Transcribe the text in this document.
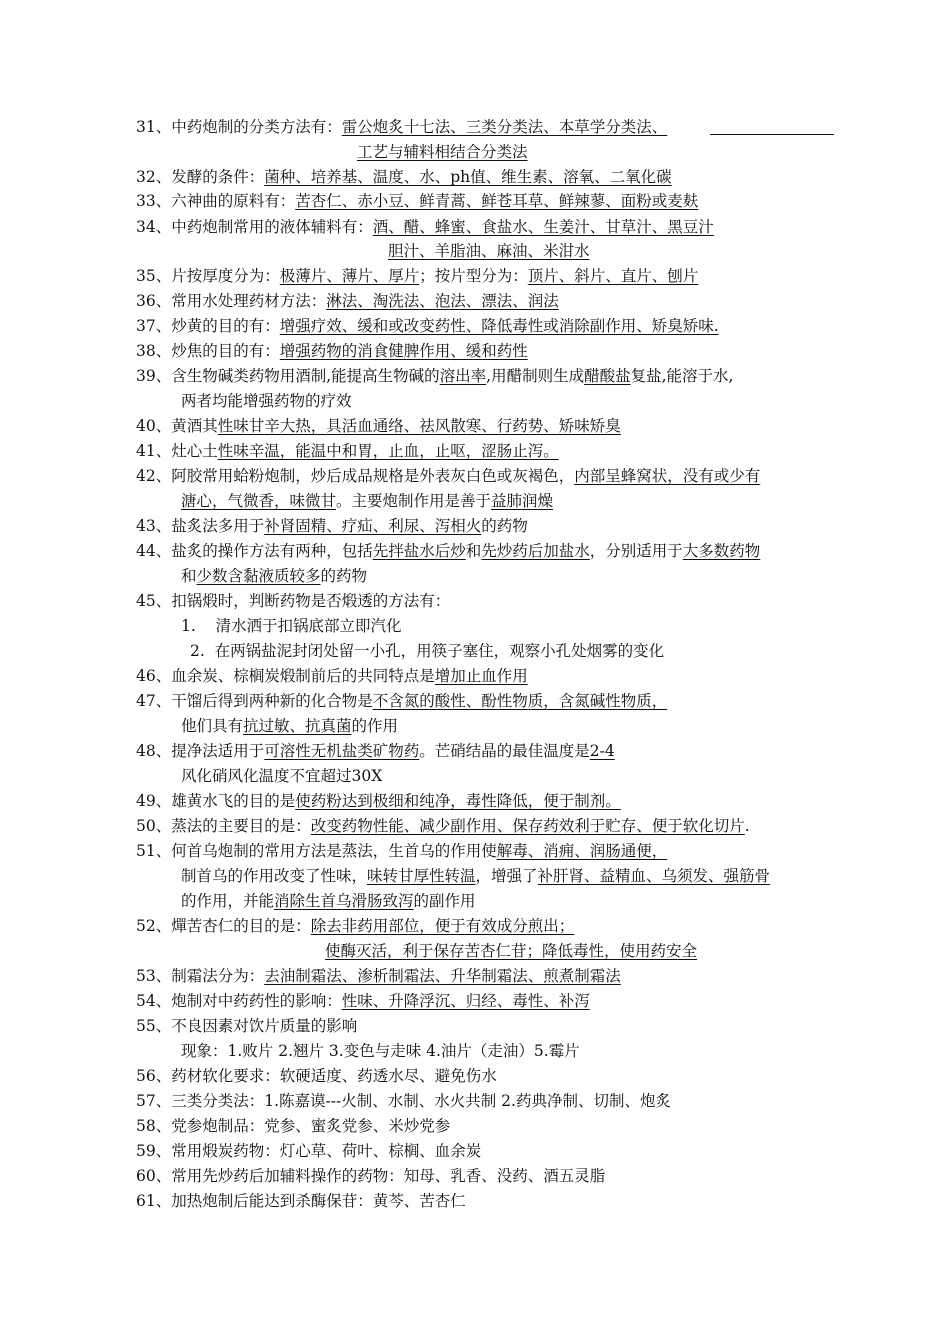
31、中药炮制的分类方法有：雷公炮炙十七法、三类分类法、本草学分类法、
工艺与辅料相结合分类法
32、发酵的条件：菌种、培养基、温度、水、ph值、维生素、溶氧、二氧化碳
33、六神曲的原料有：苦杏仁、赤小豆、鲜青蒿、鲜苍耳草、鲜辣蓼、面粉或麦麸
34、中药炮制常用的液体辅料有：酒、醋、蜂蜜、食盐水、生姜汁、甘草汁、黑豆汁
胆汁、羊脂油、麻油、米泔水
35、片按厚度分为：极薄片、薄片、厚片；按片型分为：顶片、斜片、直片、刨片
36、常用水处理药材方法：淋法、淘洗法、泡法、漂法、润法
37、炒黄的目的有：增强疗效、缓和或改变药性、降低毒性或消除副作用、矫臭矫味.
38、炒焦的目的有：增强药物的消食健脾作用、缓和药性
39、含生物碱类药物用酒制,能提高生物碱的溶出率,用醋制则生成醋酸盐复盐,能溶于水,
两者均能增强药物的疗效
40、黄酒其性味甘辛大热，具活血通络、祛风散寒、行药势、矫味矫臭
41、灶心土性味辛温，能温中和胃，止血，止呕，涩肠止泻。
42、阿胶常用蛤粉炮制，炒后成品规格是外表灰白色或灰褐色，内部呈蜂窝状，没有或少有
溏心，气微香，味微甘。主要炮制作用是善于益肺润燥
43、盐炙法多用于补肾固精、疗疝、利尿、泻相火的药物
44、盐炙的操作方法有两种，包括先拌盐水后炒和先炒药后加盐水，分别适用于大多数药物
和少数含黏液质较多的药物
45、扣锅煅时，判断药物是否煅透的方法有：
1.    清水洒于扣锅底部立即汽化
2.  在两锅盐泥封闭处留一小孔，用筷子塞住，观察小孔处烟雾的变化
46、血余炭、棕榈炭煅制前后的共同特点是增加止血作用
47、干馏后得到两种新的化合物是不含氮的酸性、酚性物质，含氮碱性物质，
他们具有抗过敏、抗真菌的作用
48、提净法适用于可溶性无机盐类矿物药。芒硝结晶的最佳温度是2-4
风化硝风化温度不宜超过30X
49、雄黄水飞的目的是使药粉达到极细和纯净，毒性降低，便于制剂。
50、蒸法的主要目的是：改变药物性能、减少副作用、保存药效利于贮存、便于软化切片.
51、何首乌炮制的常用方法是蒸法，生首乌的作用使解毒、消痈、润肠通便，
制首乌的作用改变了性味，味转甘厚性转温，增强了补肝肾、益精血、乌须发、强筋骨
的作用，并能消除生首乌滑肠致泻的副作用
52、燀苦杏仁的目的是：除去非药用部位，便于有效成分煎出；
使酶灭活，利于保存苦杏仁苷；降低毒性，使用药安全
53、制霜法分为：去油制霜法、渗析制霜法、升华制霜法、煎煮制霜法
54、炮制对中药药性的影响：性味、升降浮沉、归经、毒性、补泻
55、不良因素对饮片质量的影响
现象：1.败片 2.翘片 3.变色与走味 4.油片（走油）5.霉片
56、药材软化要求：软硬适度、药透水尽、避免伤水
57、三类分类法：1.陈嘉谟---火制、水制、水火共制 2.药典净制、切制、炮炙
58、党参炮制品：党参、蜜炙党参、米炒党参
59、常用煅炭药物：灯心草、荷叶、棕榈、血余炭
60、常用先炒药后加辅料操作的药物：知母、乳香、没药、酒五灵脂
61、加热炮制后能达到杀酶保苷：黄芩、苦杏仁
